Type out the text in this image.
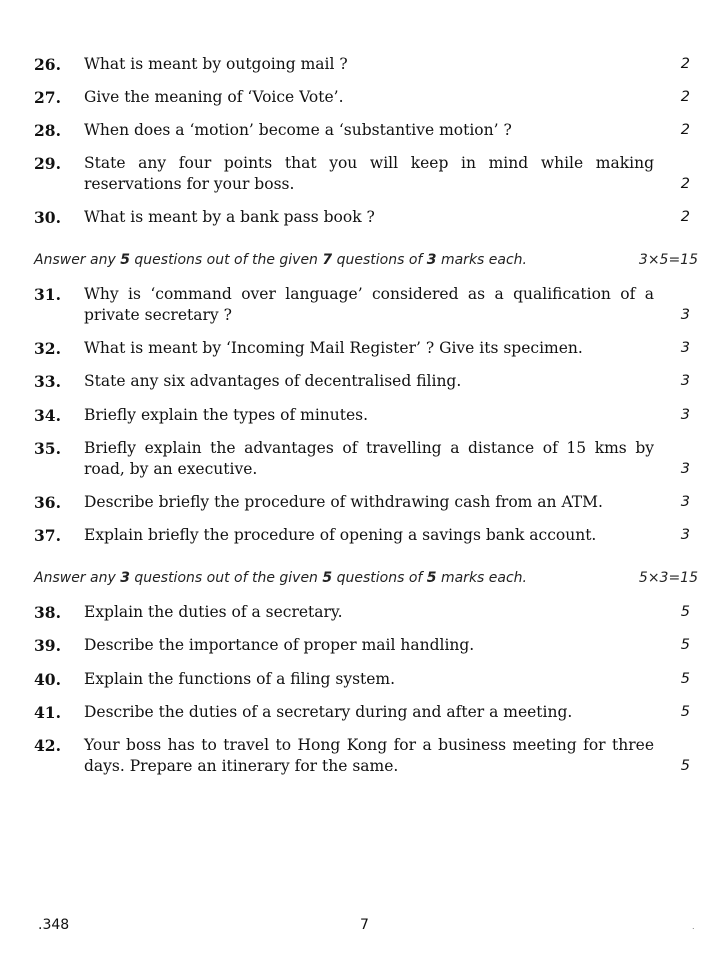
26. What is meant by outgoing mail ?	2
27. Give the meaning of ‘Voice Vote’.	2
28. When does a ‘motion’ become a ‘substantive motion’ ?	2
29. State any four points that you will keep in mind while making reservations for your boss.	2
30. What is meant by a bank pass book ?	2
Answer any 5 questions out of the given 7 questions of 3 marks each.	3×5=15
31. Why is ‘command over language’ considered as a qualification of a private secretary ?	3
32. What is meant by ‘Incoming Mail Register’ ? Give its specimen.	3
33. State any six advantages of decentralised filing.	3
34. Briefly explain the types of minutes.	3
35. Briefly explain the advantages of travelling a distance of 15 kms by road, by an executive.	3
36. Describe briefly the procedure of withdrawing cash from an ATM.	3
37. Explain briefly the procedure of opening a savings bank account.	3
Answer any 3 questions out of the given 5 questions of 5 marks each.	5×3=15
38. Explain the duties of a secretary.	5
39. Describe the importance of proper mail handling.	5
40. Explain the functions of a filing system.	5
41. Describe the duties of a secretary during and after a meeting.	5
42. Your boss has to travel to Hong Kong for a business meeting for three days. Prepare an itinerary for the same.	5
.348	7	.
